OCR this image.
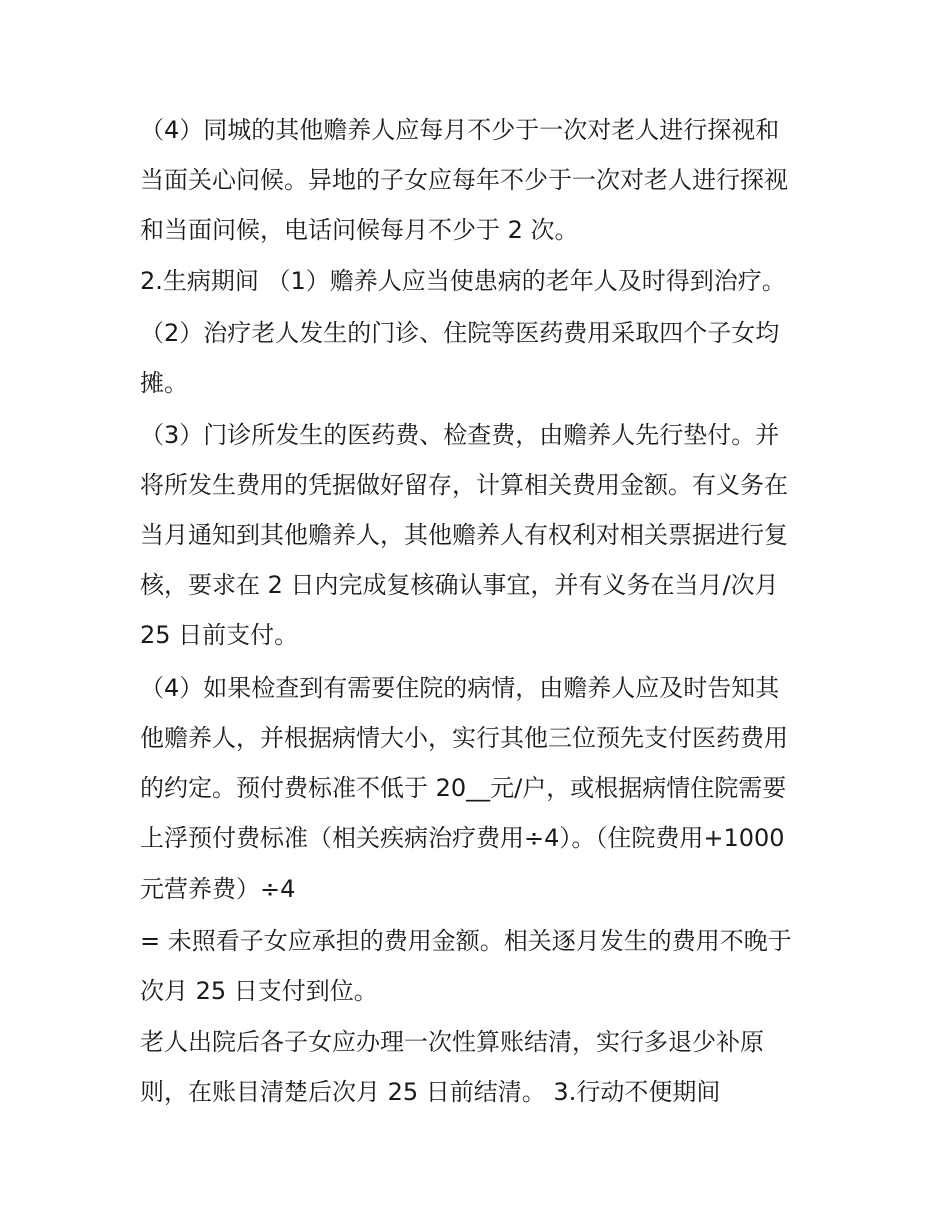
（4）同城的其他赡养人应每月不少于一次对老人进行探视和

当面关心问候。异地的子女应每年不少于一次对老人进行探视

和当面问候，电话问候每月不少于 2 次。

2.生病期间 （1）赡养人应当使患病的老年人及时得到治疗。

（2）治疗老人发生的门诊、住院等医药费用采取四个子女均

摊。

（3）门诊所发生的医药费、检查费，由赡养人先行垫付。并

将所发生费用的凭据做好留存，计算相关费用金额。有义务在

当月通知到其他赡养人，其他赡养人有权利对相关票据进行复

核，要求在 2 日内完成复核确认事宜，并有义务在当月/次月

25 日前支付。

（4）如果检查到有需要住院的病情，由赡养人应及时告知其

他赡养人，并根据病情大小，实行其他三位预先支付医药费用

的约定。预付费标准不低于 20__元/户，或根据病情住院需要

上浮预付费标准（相关疾病治疗费用÷4）。（住院费用+1000

元营养费）÷4

= 未照看子女应承担的费用金额。相关逐月发生的费用不晚于

次月 25 日支付到位。

老人出院后各子女应办理一次性算账结清，实行多退少补原

则，在账目清楚后次月 25 日前结清。 3.行动不便期间
